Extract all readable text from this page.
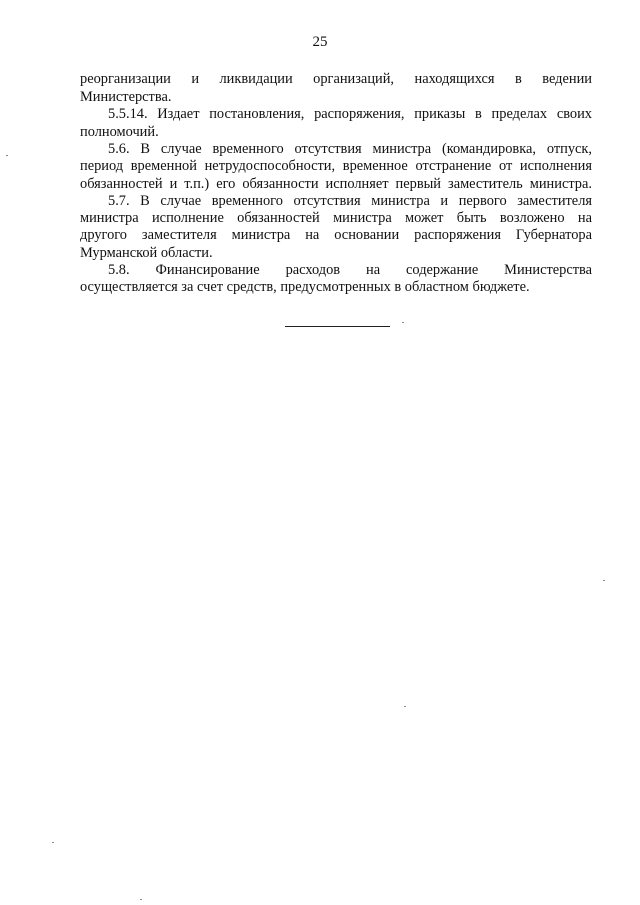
25
реорганизации и ликвидации организаций, находящихся в ведении
Министерства.
5.5.14. Издает постановления, распоряжения, приказы в пределах своих
полномочий.
5.6. В случае временного отсутствия министра (командировка, отпуск,
период временной нетрудоспособности, временное отстранение от исполнения
обязанностей и т.п.) его обязанности исполняет первый заместитель министра.
5.7. В случае временного отсутствия министра и первого заместителя
министра исполнение обязанностей министра может быть возложено на
другого заместителя министра на основании распоряжения Губернатора
Мурманской области.
5.8. Финансирование расходов на содержание Министерства
осуществляется за счет средств, предусмотренных в областном бюджете.
